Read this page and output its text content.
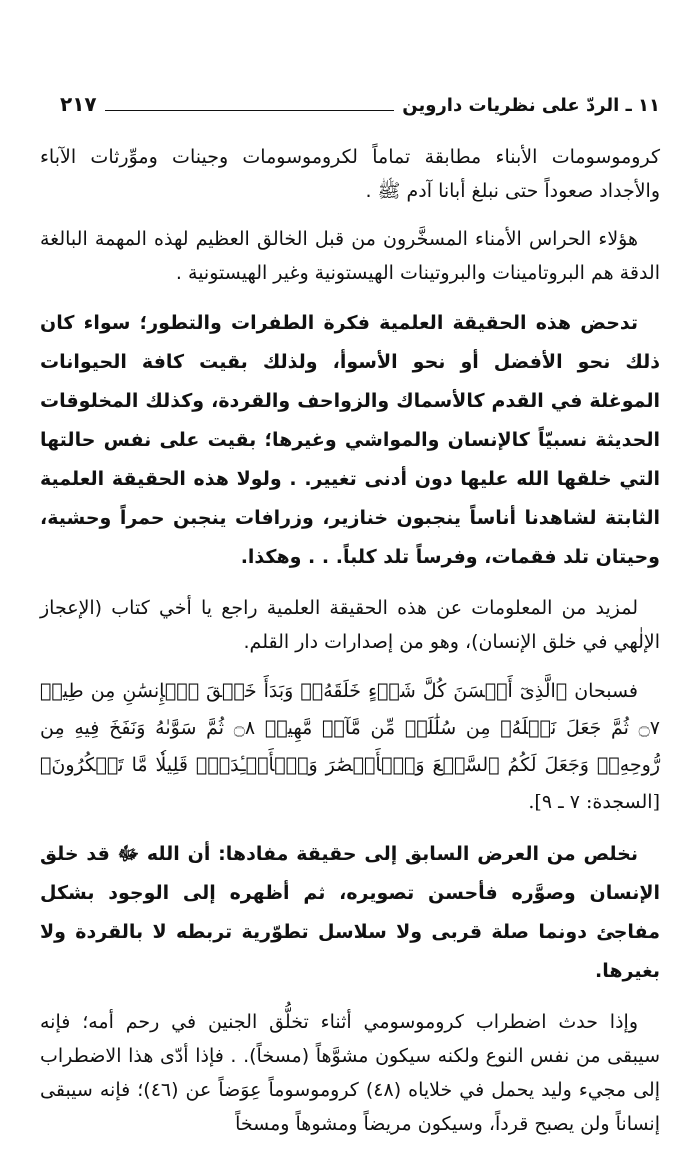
١١ ـ الردّ على نظريات داروين
٢١٧

كروموسومات الأبناء مطابقة تماماً لكروموسومات وجينات وموِّرثات الآباء والأجداد صعوداً حتى نبلغ أبانا آدم ﷺ .

هؤلاء الحراس الأمناء المسخَّرون من قبل الخالق العظيم لهذه المهمة البالغة الدقة هم البروتامينات والبروتينات الهيستونية وغير الهيستونية .

تدحض هذه الحقيقة العلمية فكرة الطفرات والتطور؛ سواء كان ذلك نحو الأفضل أو نحو الأسوأ، ولذلك بقيت كافة الحيوانات الموغلة في القدم كالأسماك والزواحف والقردة، وكذلك المخلوقات الحديثة نسبيّاً كالإنسان والمواشي وغيرها؛ بقيت على نفس حالتها التي خلقها الله عليها دون أدنى تغيير. . ولولا هذه الحقيقة العلمية الثابتة لشاهدنا أناساً ينجبون خنازير، وزرافات ينجبن حمراً وحشية، وحيتان تلد فقمات، وفرساً تلد كلباً. . . وهكذا.

لمزيد من المعلومات عن هذه الحقيقة العلمية راجع يا أخي كتاب (الإعجاز الإلٰهي في خلق الإنسان)، وهو من إصدارات دار القلم.

فسبحان ﴿الَّذِىٓ أَحۡسَنَ كُلَّ شَىۡءٍ خَلَقَهُۥۖ وَبَدَأَ خَلۡقَ ٱلۡإِنسَٰنِ مِن طِينٖ ۝٧ ثُمَّ جَعَلَ نَسۡلَهُۥ مِن سُلَٰلَةٖ مِّن مَّآءٖ مَّهِينٖ ۝٨ ثُمَّ سَوَّىٰهُ وَنَفَخَ فِيهِ مِن رُّوحِهِۦۖ وَجَعَلَ لَكُمُ ٱلسَّمۡعَ وَٱلۡأَبۡصَٰرَ وَٱلۡأَفۡـِٔدَةَۚ قَلِيلٗا مَّا تَشۡكُرُونَ﴾ [السجدة: ٧ ـ ٩].

نخلص من العرض السابق إلى حقيقة مفادها: أن الله ﷻ قد خلق الإنسان وصوَّره فأحسن تصويره، ثم أظهره إلى الوجود بشكل مفاجئ دونما صلة قربى ولا سلاسل تطوّرية تربطه لا بالقردة ولا بغيرها.

وإذا حدث اضطراب كروموسومي أثناء تخلُّق الجنين في رحم أمه؛ فإنه سيبقى من نفس النوع ولكنه سيكون مشوَّهاً (مسخاً). . فإذا أدّى هذا الاضطراب إلى مجيء وليد يحمل في خلاياه (٤٨) كروموسوماً عِوَضاً عن (٤٦)؛ فإنه سيبقى إنساناً ولن يصبح قرداً، وسيكون مريضاً ومشوهاً ومسخاً
